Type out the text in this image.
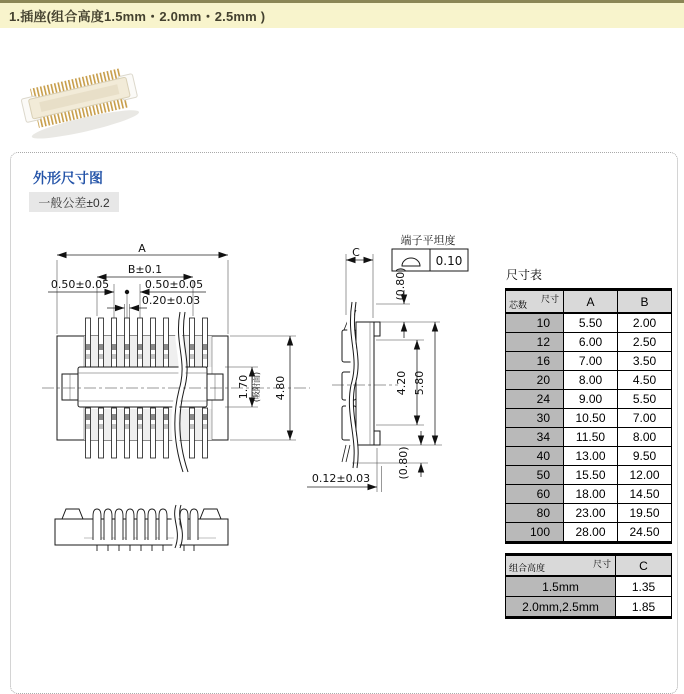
1.插座(组合高度1.5mm・2.0mm・2.5mm )
外形尺寸图
一般公差±0.2
A
B±0.1
0.50±0.05	0.50±0.05
0.20±0.03
1.70 (吸附面) 4.80
C
端子平坦度
0.10
(0.80)
4.20 5.80
(0.80)
0.12±0.03
尺寸表
尺寸
芯数	A	B
10	5.50	2.00
12	6.00	2.50
16	7.00	3.50
20	8.00	4.50
24	9.00	5.50
30	10.50	7.00
34	11.50	8.00
40	13.00	9.50
50	15.50	12.00
60	18.00	14.50
80	23.00	19.50
100	28.00	24.50
尺寸
组合高度	C
1.5mm	1.35
2.0mm,2.5mm	1.85
